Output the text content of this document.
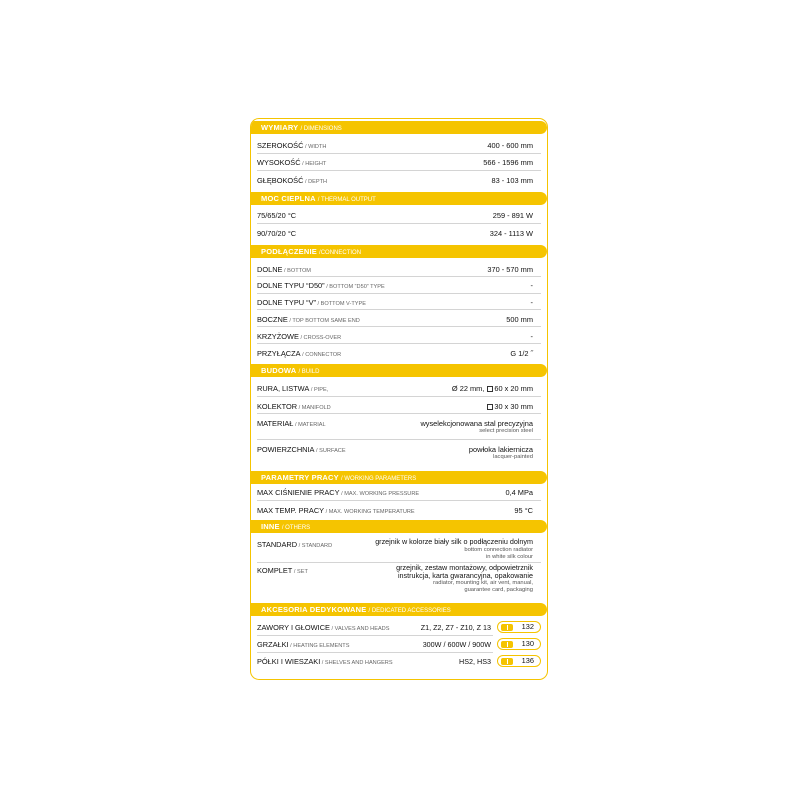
WYMIARY / DIMENSIONS
SZEROKOŚĆ / WIDTH	400 - 600 mm
WYSOKOŚĆ / HEIGHT	566 - 1596 mm
GŁĘBOKOŚĆ / DEPTH	83 - 103 mm
MOC CIEPLNA / THERMAL OUTPUT
75/65/20 °C	259 - 891 W
90/70/20 °C	324 - 1113 W
PODŁĄCZENIE /CONNECTION
DOLNE / BOTTOM	370 - 570 mm
DOLNE TYPU “D50” / BOTTOM “D50” TYPE	-
DOLNE TYPU “V” / BOTTOM V-TYPE	-
BOCZNE / TOP BOTTOM SAME END	500 mm
KRZYŻOWE / CROSS-OVER	-
PRZYŁĄCZA / CONNECTOR	G 1/2 ˝
BUDOWA / BUILD
RURA, LISTWA / PIPE,	Ø 22 mm, 60 x 20 mm
KOLEKTOR / MANIFOLD	30 x 30 mm
MATERIAŁ / MATERIAL	wyselekcjonowana stal precyzyjna
select precision steel
POWIERZCHNIA / SURFACE	powłoka lakiernicza
lacquer-painted
PARAMETRY PRACY / WORKING PARAMETERS
MAX CIŚNIENIE PRACY / MAX. WORKING PRESSURE	0,4 MPa
MAX TEMP. PRACY / MAX. WORKING TEMPERATURE	95 °C
INNE / OTHERS
STANDARD / STANDARD	grzejnik w kolorze biały silk o podłączeniu dolnym
bottom connection radiator
in white silk colour
KOMPLET / SET	grzejnik, zestaw montażowy, odpowietrznik
instrukcja, karta gwarancyjna, opakowanie
radiator, mounting kit, air vent, manual,
guarantee card, packaging
AKCESORIA DEDYKOWANE / DEDICATED ACCESSORIES
ZAWORY I GŁOWICE / VALVES AND HEADS	Z1, Z2, Z7 - Z10, Z 13	132
GRZAŁKI / HEATING ELEMENTS	300W / 600W / 900W	130
PÓŁKI I WIESZAKI / SHELVES AND HANGERS	HS2, HS3	136
